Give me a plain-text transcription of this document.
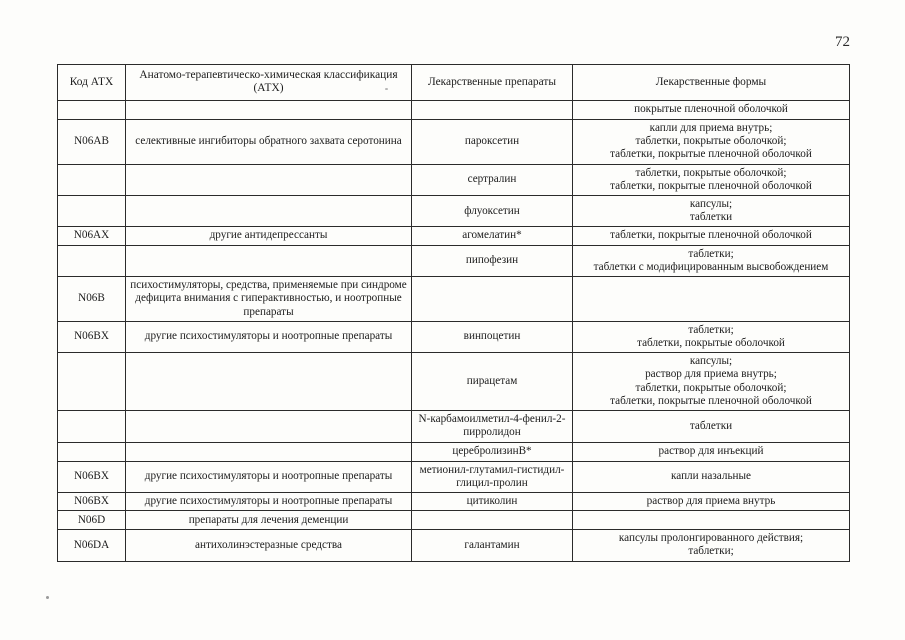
72
Код АТХ	Анатомо-терапевтическо-химическая классификация (АТХ)	Лекарственные препараты	Лекарственные формы

			покрытые пленочной оболочкой

N06AB	селективные ингибиторы обратного захвата серотонина	пароксетин	капли для приема внутрь;
таблетки, покрытые оболочкой;
таблетки, покрытые пленочной оболочкой

		сертралин	таблетки, покрытые оболочкой;
таблетки, покрытые пленочной оболочкой

		флуоксетин	капсулы;
таблетки

N06AX	другие антидепрессанты	агомелатин*	таблетки, покрытые пленочной оболочкой

		пипофезин	таблетки;
таблетки с модифицированным высвобождением

N06B	психостимуляторы, средства, применяемые при синдроме дефицита внимания с гиперактивностью, и ноотропные препараты		
N06BX	другие психостимуляторы и ноотропные препараты	винпоцетин	таблетки;
таблетки, покрытые оболочкой

		пирацетам	капсулы;
раствор для приема внутрь;
таблетки, покрытые оболочкой;
таблетки, покрытые пленочной оболочкой

		N-карбамоилметил-4-фенил-2-пирролидон	таблетки

		церебролизинВ*	раствор для инъекций

N06BX	другие психостимуляторы и ноотропные препараты	метионил-глутамил-гистидил-глицил-пролин	капли назальные

N06BX	другие психостимуляторы и ноотропные препараты	цитиколин	раствор для приема внутрь

N06D	препараты для лечения деменции		
N06DA	антихолинэстеразные средства	галантамин	капсулы пролонгированного действия;
таблетки;
